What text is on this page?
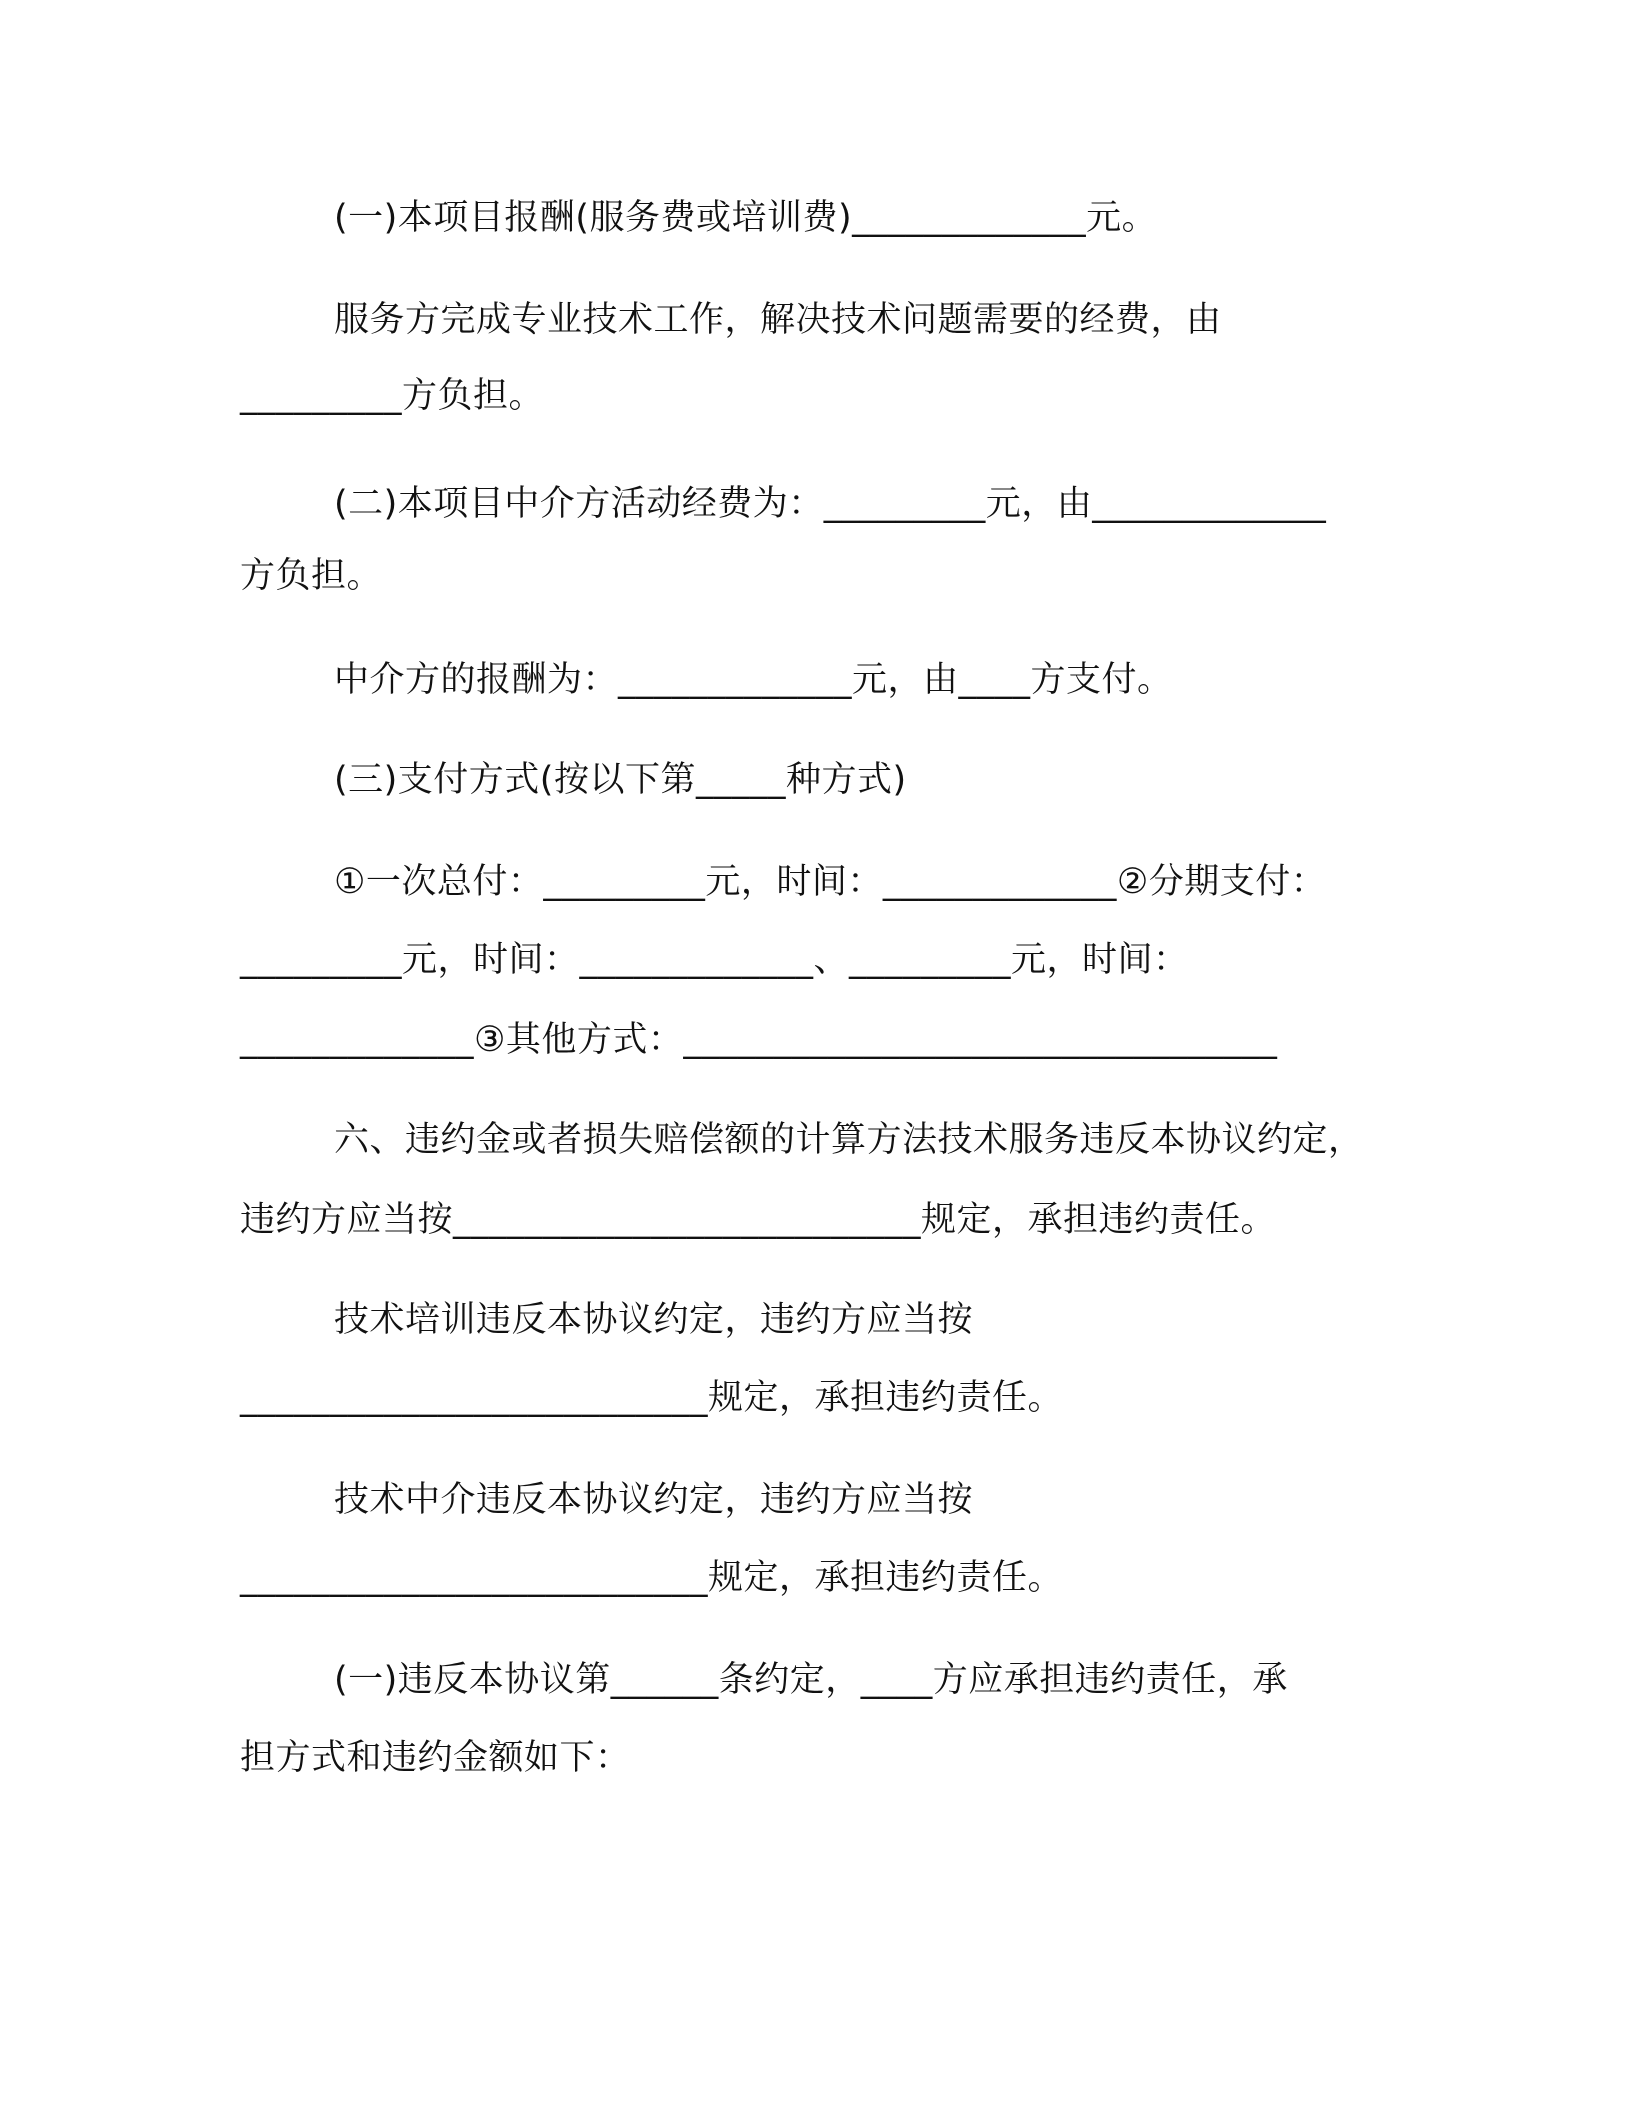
(一)本项目报酬(服务费或培训费)_____________元。
服务方完成专业技术工作，解决技术问题需要的经费，由
_________方负担。
(二)本项目中介方活动经费为：_________元，由_____________
方负担。
中介方的报酬为：_____________元，由____方支付。
(三)支付方式(按以下第_____种方式)
①一次总付：_________元，时间：_____________②分期支付：
_________元，时间：_____________、_________元，时间：
_____________③其他方式：_________________________________
六、违约金或者损失赔偿额的计算方法技术服务违反本协议约定，
违约方应当按__________________________规定，承担违约责任。
技术培训违反本协议约定，违约方应当按
__________________________规定，承担违约责任。
技术中介违反本协议约定，违约方应当按
__________________________规定，承担违约责任。
(一)违反本协议第______条约定，____方应承担违约责任，承
担方式和违约金额如下：
